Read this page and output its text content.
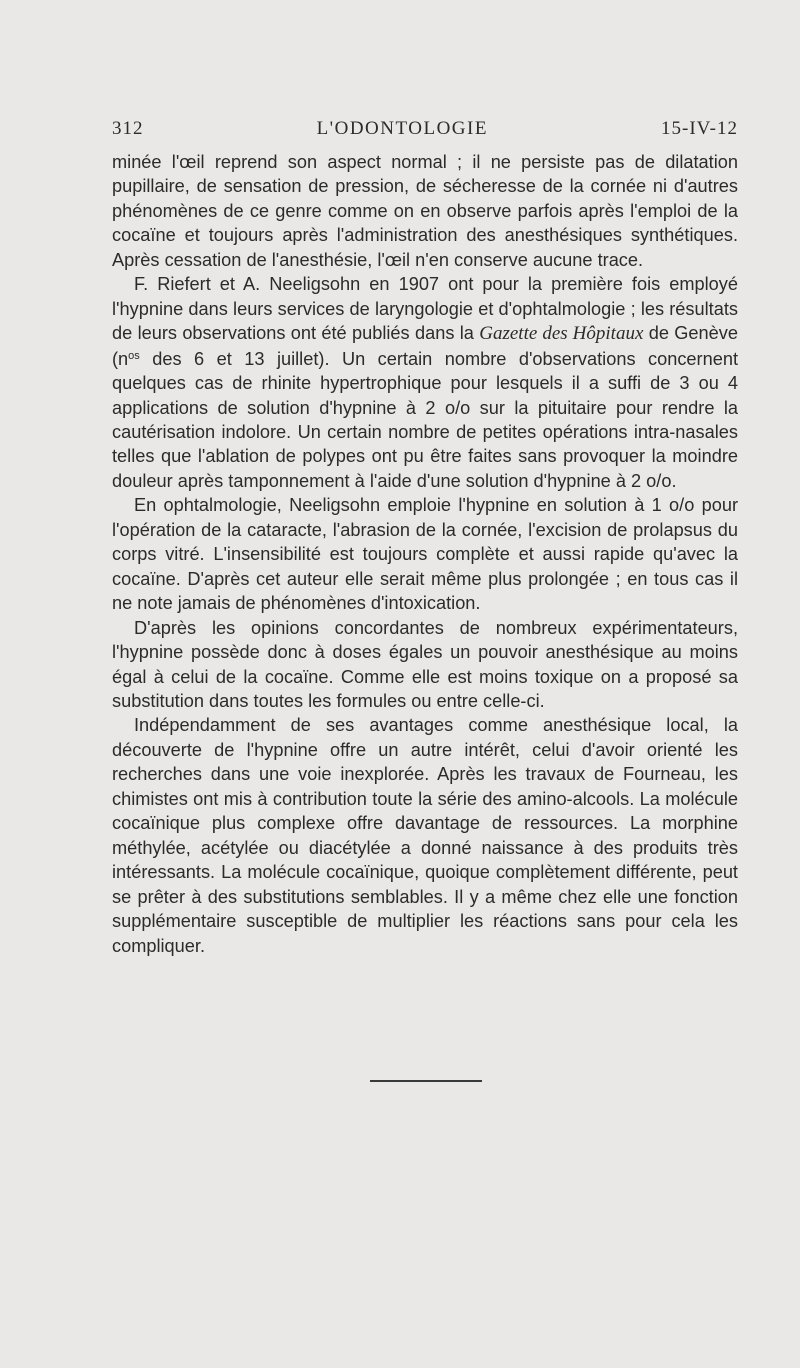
312	L'ODONTOLOGIE	15-IV-12

minée l'œil reprend son aspect normal ; il ne persiste pas de dilatation pupillaire, de sensation de pression, de sécheresse de la cornée ni d'autres phénomènes de ce genre comme on en observe parfois après l'emploi de la cocaïne et toujours après l'administration des anesthésiques synthétiques. Après cessation de l'anesthésie, l'œil n'en conserve aucune trace.

F. Riefert et A. Neeligsohn en 1907 ont pour la première fois employé l'hypnine dans leurs services de laryngologie et d'ophtalmologie ; les résultats de leurs observations ont été publiés dans la Gazette des Hôpitaux de Genève ($n^{os}$ des 6 et 13 juillet). Un certain nombre d'observations concernent quelques cas de rhinite hypertrophique pour lesquels il a suffi de 3 ou 4 applications de solution d'hypnine à 2 o/o sur la pituitaire pour rendre la cautérisation indolore. Un certain nombre de petites opérations intra-nasales telles que l'ablation de polypes ont pu être faites sans provoquer la moindre douleur après tamponnement à l'aide d'une solution d'hypnine à 2 o/o.

En ophtalmologie, Neeligsohn emploie l'hypnine en solution à 1 o/o pour l'opération de la cataracte, l'abrasion de la cornée, l'excision de prolapsus du corps vitré. L'insensibilité est toujours complète et aussi rapide qu'avec la cocaïne. D'après cet auteur elle serait même plus prolongée ; en tous cas il ne note jamais de phénomènes d'intoxication.

D'après les opinions concordantes de nombreux expérimentateurs, l'hypnine possède donc à doses égales un pouvoir anesthésique au moins égal à celui de la cocaïne. Comme elle est moins toxique on a proposé sa substitution dans toutes les formules ou entre celle-ci.

Indépendamment de ses avantages comme anesthésique local, la découverte de l'hypnine offre un autre intérêt, celui d'avoir orienté les recherches dans une voie inexplorée. Après les travaux de Fourneau, les chimistes ont mis à contribution toute la série des amino-alcools. La molécule cocaïnique plus complexe offre davantage de ressources. La morphine méthylée, acétylée ou diacétylée a donné naissance à des produits très intéressants. La molécule cocaïnique, quoique complètement différente, peut se prêter à des substitutions semblables. Il y a même chez elle une fonction supplémentaire susceptible de multiplier les réactions sans pour cela les compliquer.
